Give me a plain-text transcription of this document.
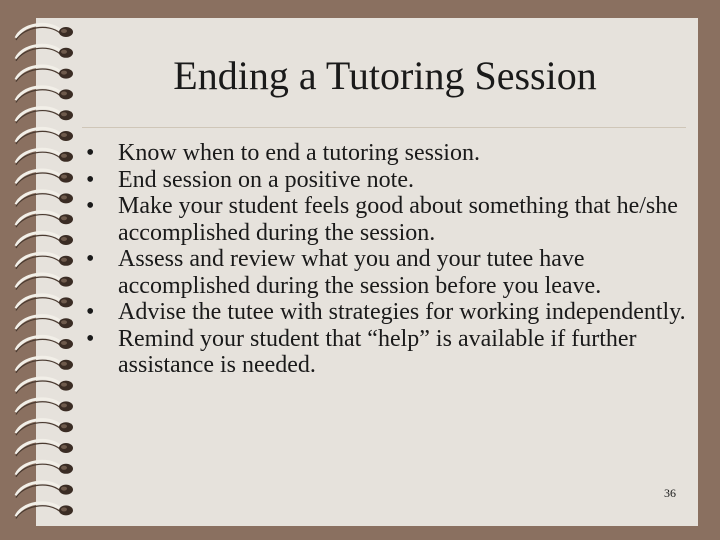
Ending a Tutoring Session
• Know when to end a tutoring session.
• End session on a positive note.
• Make your student feels good about something that he/she accomplished during the session.
• Assess and review what you and your tutee have accomplished during the session before you leave.
• Advise the tutee with strategies for working independently.
• Remind your student that “help” is available if further assistance is needed.
36
